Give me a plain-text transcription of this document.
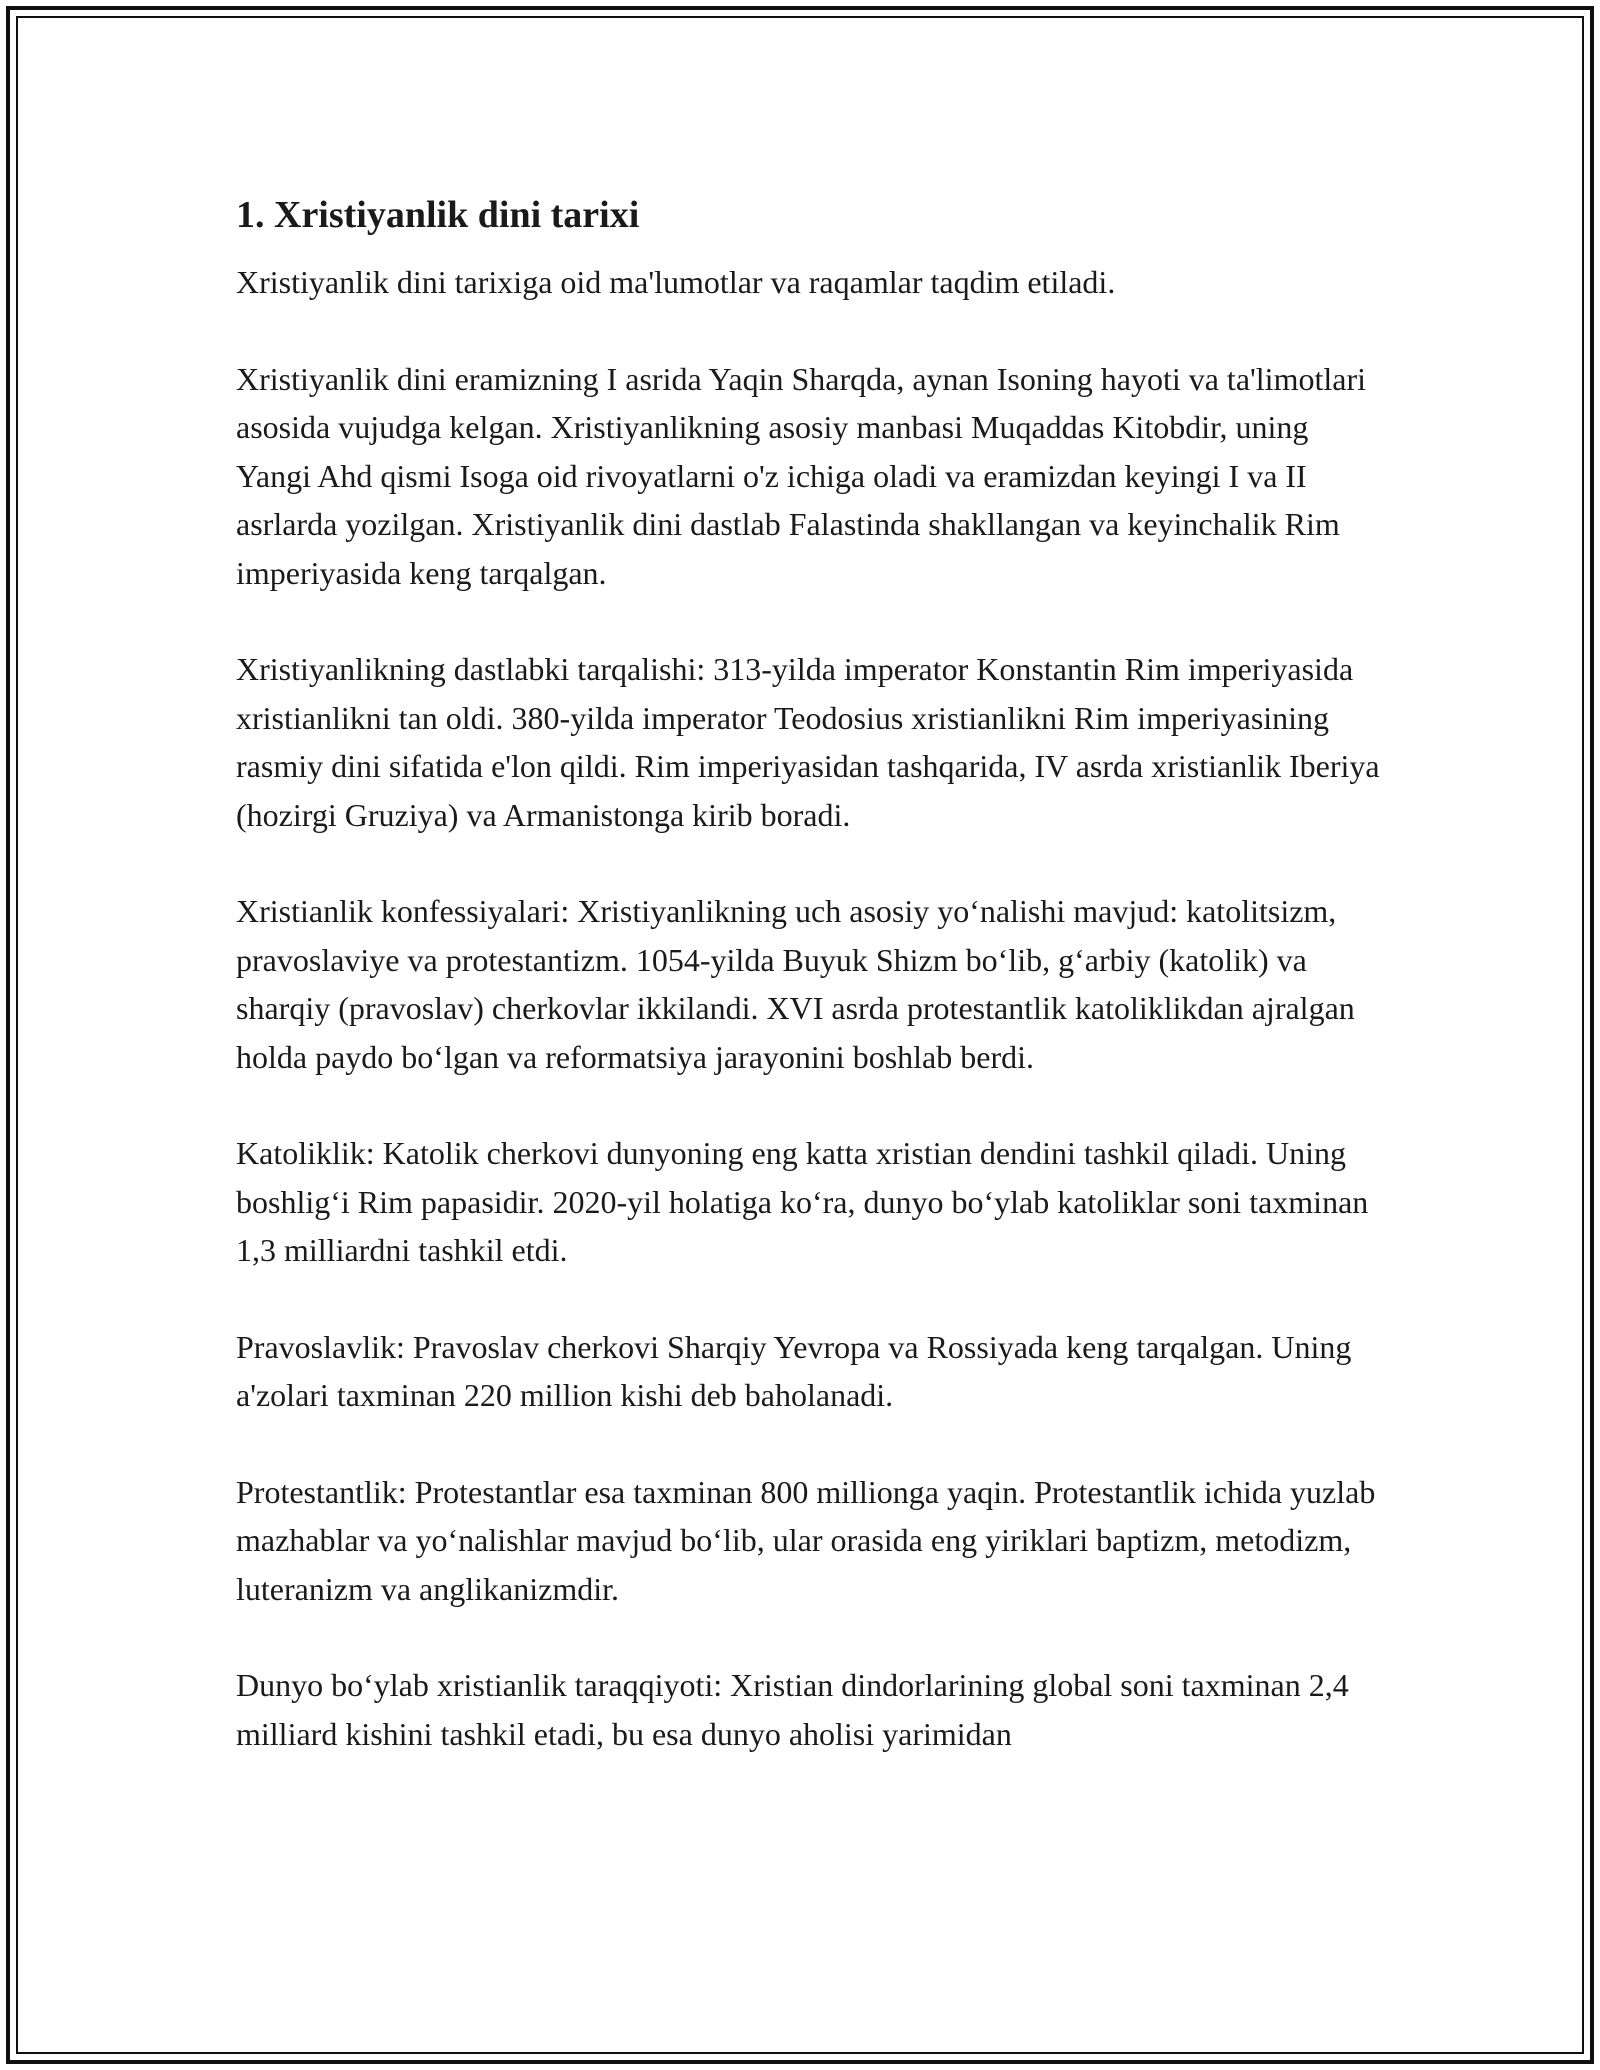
1. Xristiyanlik dini tarixi

Xristiyanlik dini tarixiga oid ma'lumotlar va raqamlar taqdim etiladi.

Xristiyanlik dini eramizning I asrida Yaqin Sharqda, aynan Isoning hayoti va ta'limotlari asosida vujudga kelgan. Xristiyanlikning asosiy manbasi Muqaddas Kitobdir, uning Yangi Ahd qismi Isoga oid rivoyatlarni o'z ichiga oladi va eramizdan keyingi I va II asrlarda yozilgan. Xristiyanlik dini dastlab Falastinda shakllangan va keyinchalik Rim imperiyasida keng tarqalgan.

Xristiyanlikning dastlabki tarqalishi: 313-yilda imperator Konstantin Rim imperiyasida xristianlikni tan oldi. 380-yilda imperator Teodosius xristianlikni Rim imperiyasining rasmiy dini sifatida e'lon qildi. Rim imperiyasidan tashqarida, IV asrda xristianlik Iberiya (hozirgi Gruziya) va Armanistonga kirib boradi.

Xristianlik konfessiyalari: Xristiyanlikning uch asosiy yoʻnalishi mavjud: katolitsizm, pravoslaviye va protestantizm. 1054-yilda Buyuk Shizm boʻlib, gʻarbiy (katolik) va sharqiy (pravoslav) cherkovlar ikkilandi. XVI asrda protestantlik katoliklikdan ajralgan holda paydo boʻlgan va reformatsiya jarayonini boshlab berdi.

Katoliklik: Katolik cherkovi dunyoning eng katta xristian dendini tashkil qiladi. Uning boshligʻi Rim papasidir. 2020-yil holatiga koʻra, dunyo boʻylab katoliklar soni taxminan 1,3 milliardni tashkil etdi.

Pravoslavlik: Pravoslav cherkovi Sharqiy Yevropa va Rossiyada keng tarqalgan. Uning a'zolari taxminan 220 million kishi deb baholanadi.

Protestantlik: Protestantlar esa taxminan 800 millionga yaqin. Protestantlik ichida yuzlab mazhablar va yoʻnalishlar mavjud boʻlib, ular orasida eng yiriklari baptizm, metodizm, luteranizm va anglikanizmdir.

Dunyo boʻylab xristianlik taraqqiyoti: Xristian dindorlarining global soni taxminan 2,4 milliard kishini tashkil etadi, bu esa dunyo aholisi yarimidan
